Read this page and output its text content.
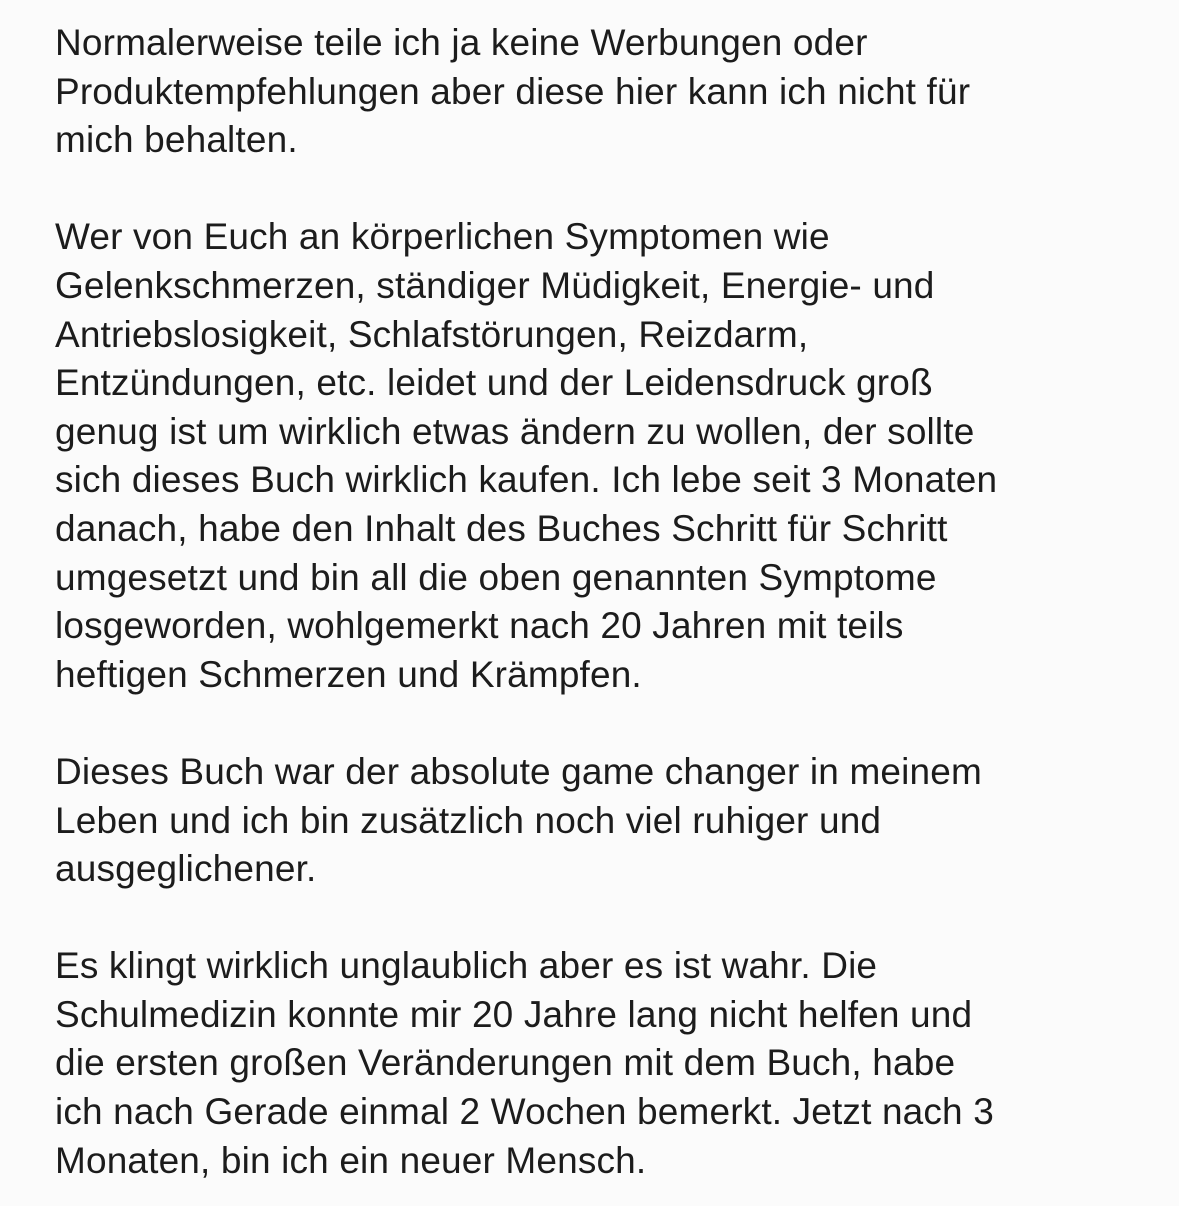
Normalerweise teile ich ja keine Werbungen oder
Produktempfehlungen aber diese hier kann ich nicht für
mich behalten.

Wer von Euch an körperlichen Symptomen wie
Gelenkschmerzen, ständiger Müdigkeit, Energie- und
Antriebslosigkeit, Schlafstörungen, Reizdarm,
Entzündungen, etc. leidet und der Leidensdruck groß
genug ist um wirklich etwas ändern zu wollen, der sollte
sich dieses Buch wirklich kaufen. Ich lebe seit 3 Monaten
danach, habe den Inhalt des Buches Schritt für Schritt
umgesetzt und bin all die oben genannten Symptome
losgeworden, wohlgemerkt nach 20 Jahren mit teils
heftigen Schmerzen und Krämpfen.

Dieses Buch war der absolute game changer in meinem
Leben und ich bin zusätzlich noch viel ruhiger und
ausgeglichener.

Es klingt wirklich unglaublich aber es ist wahr. Die
Schulmedizin konnte mir 20 Jahre lang nicht helfen und
die ersten großen Veränderungen mit dem Buch, habe
ich nach Gerade einmal 2 Wochen bemerkt. Jetzt nach 3
Monaten, bin ich ein neuer Mensch.
